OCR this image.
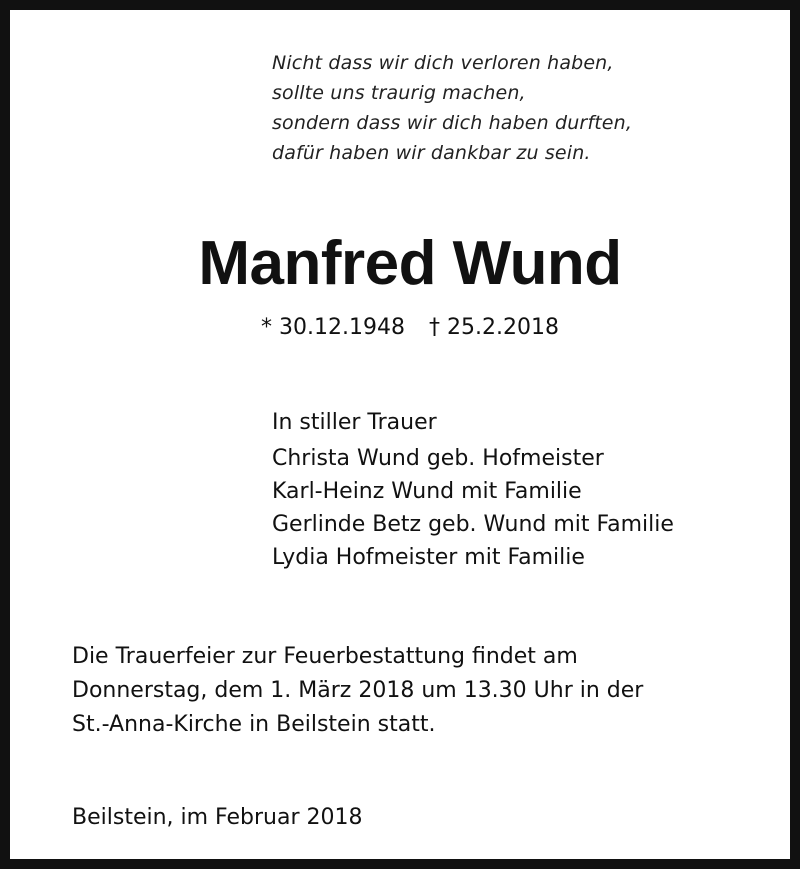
Nicht dass wir dich verloren haben,
sollte uns traurig machen,
sondern dass wir dich haben durften,
dafür haben wir dankbar zu sein.
Manfred Wund
* 30.12.1948 † 25.2.2018
In stiller Trauer
Christa Wund geb. Hofmeister
Karl-Heinz Wund mit Familie
Gerlinde Betz geb. Wund mit Familie
Lydia Hofmeister mit Familie
Die Trauerfeier zur Feuerbestattung findet am
Donnerstag, dem 1. März 2018 um 13.30 Uhr in der
St.-Anna-Kirche in Beilstein statt.
Beilstein, im Februar 2018
